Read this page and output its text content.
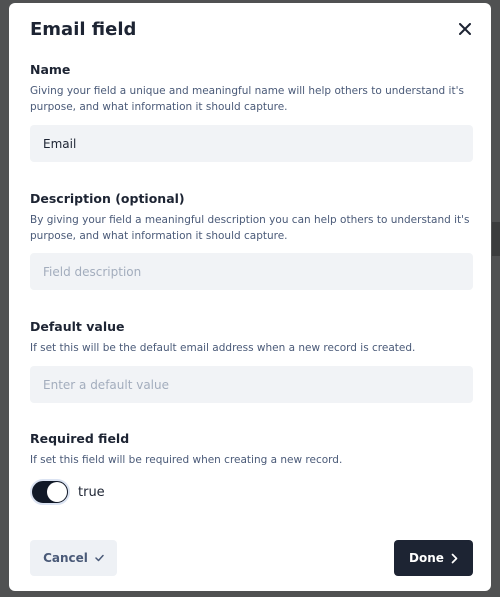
Email field
Name
Giving your field a unique and meaningful name will help others to understand it's purpose, and what information it should capture.
Email
Description (optional)
By giving your field a meaningful description you can help others to understand it's purpose, and what information it should capture.
Field description
Default value
If set this will be the default email address when a new record is created.
Enter a default value
Required field
If set this field will be required when creating a new record.
true
Cancel	Done
